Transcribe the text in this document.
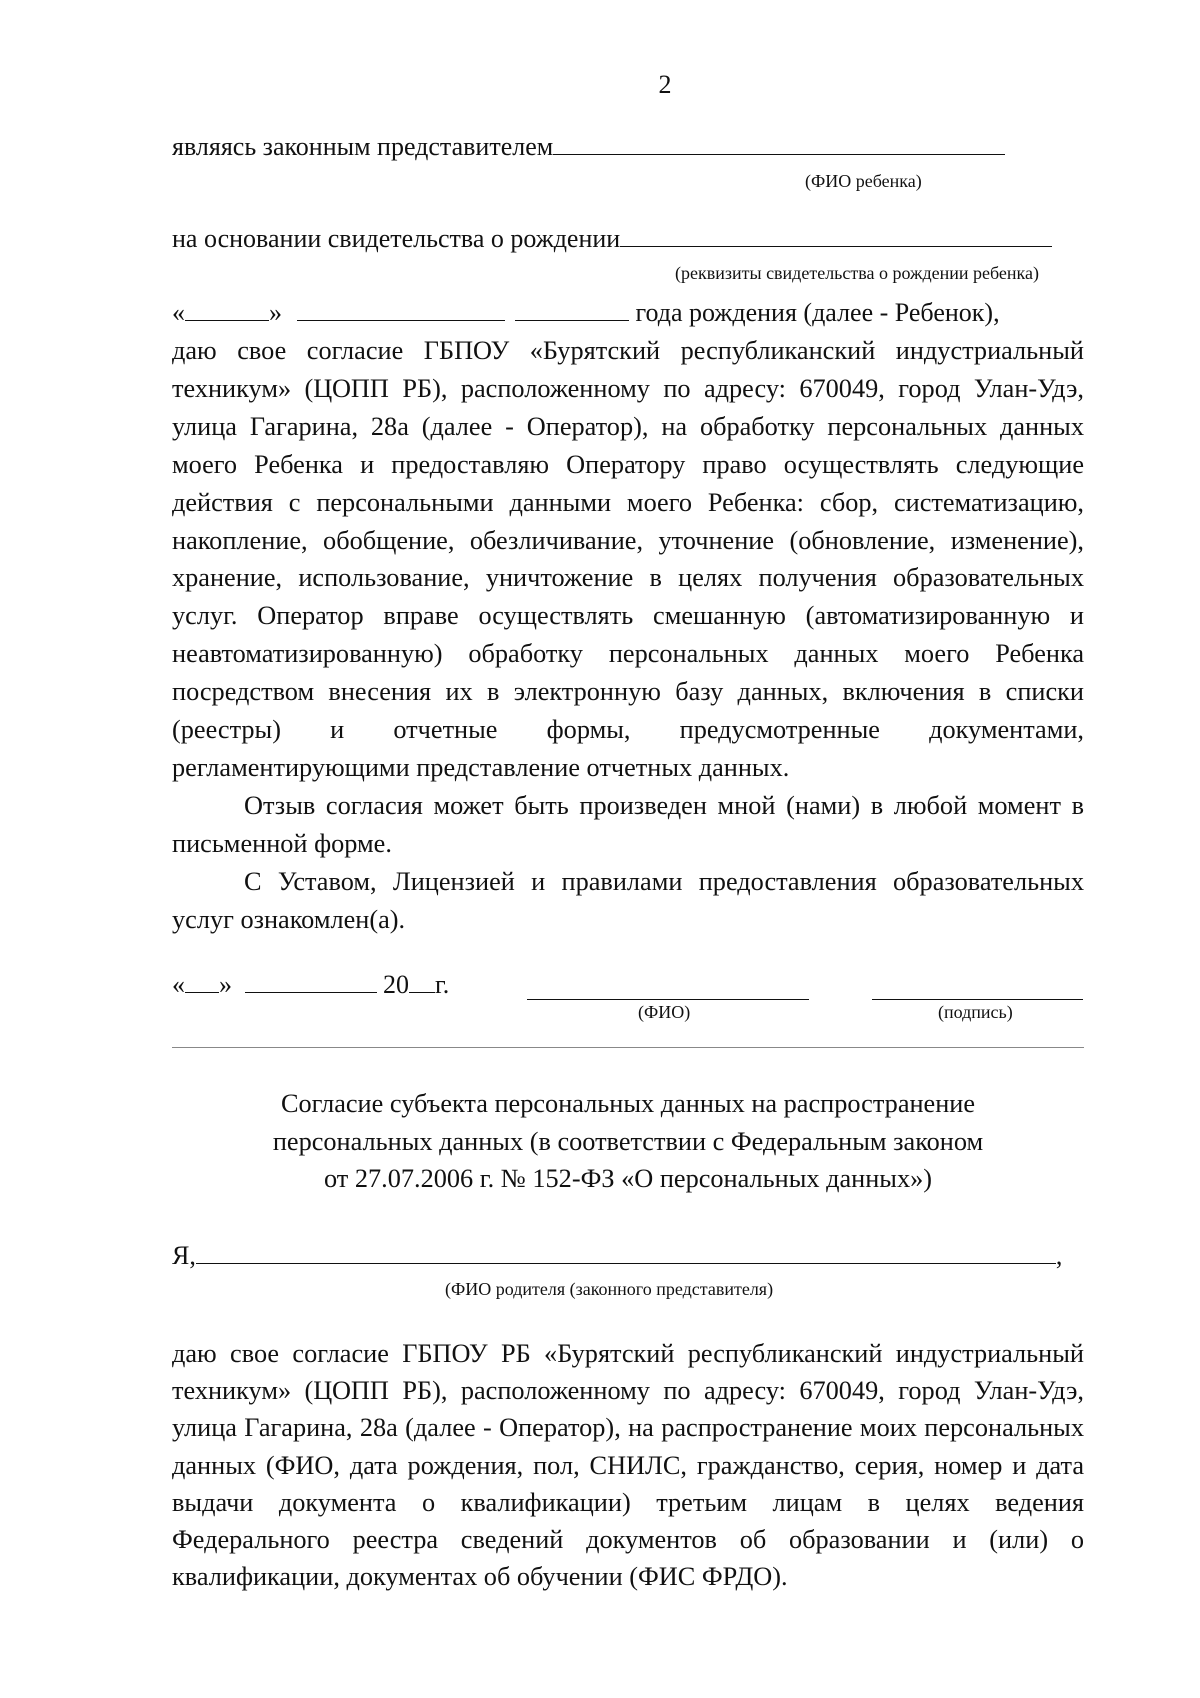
2
являясь законным представителем
(ФИО ребенка)
на основании свидетельства о рождении
(реквизиты свидетельства о рождении ребенка)
«	»	года рождения (далее - Ребенок),

даю свое согласие ГБПОУ «Бурятский республиканский индустриальный техникум» (ЦОПП РБ), расположенному по адресу: 670049, город Улан-Удэ, улица Гагарина, 28а (далее - Оператор), на обработку персональных данных моего Ребенка и предоставляю Оператору право осуществлять следующие действия с персональными данными моего Ребенка: сбор, систематизацию, накопление, обобщение, обезличивание, уточнение (обновление, изменение), хранение, использование, уничтожение в целях получения образовательных услуг. Оператор вправе осуществлять смешанную (автоматизированную и неавтоматизированную) обработку персональных данных моего Ребенка посредством внесения их в электронную базу данных, включения в списки (реестры) и отчетные формы, предусмотренные документами, регламентирующими представление отчетных данных.

Отзыв согласия может быть произведен мной (нами) в любой момент в письменной форме.

С Уставом, Лицензией и правилами предоставления образовательных услуг ознакомлен(а).

« »	20 г.
(ФИО)	(подпись)
Согласие субъекта персональных данных на распространение
персональных данных (в соответствии с Федеральным законом
от 27.07.2006 г. № 152-ФЗ «О персональных данных»)
Я,	,
(ФИО родителя (законного представителя)
даю свое согласие ГБПОУ РБ «Бурятский республиканский индустриальный техникум» (ЦОПП РБ), расположенному по адресу: 670049, город Улан-Удэ, улица Гагарина, 28а (далее - Оператор), на распространение моих персональных данных (ФИО, дата рождения, пол, СНИЛС, гражданство, серия, номер и дата выдачи документа о квалификации) третьим лицам в целях ведения Федерального реестра сведений документов об образовании и (или) о квалификации, документах об обучении (ФИС ФРДО).
